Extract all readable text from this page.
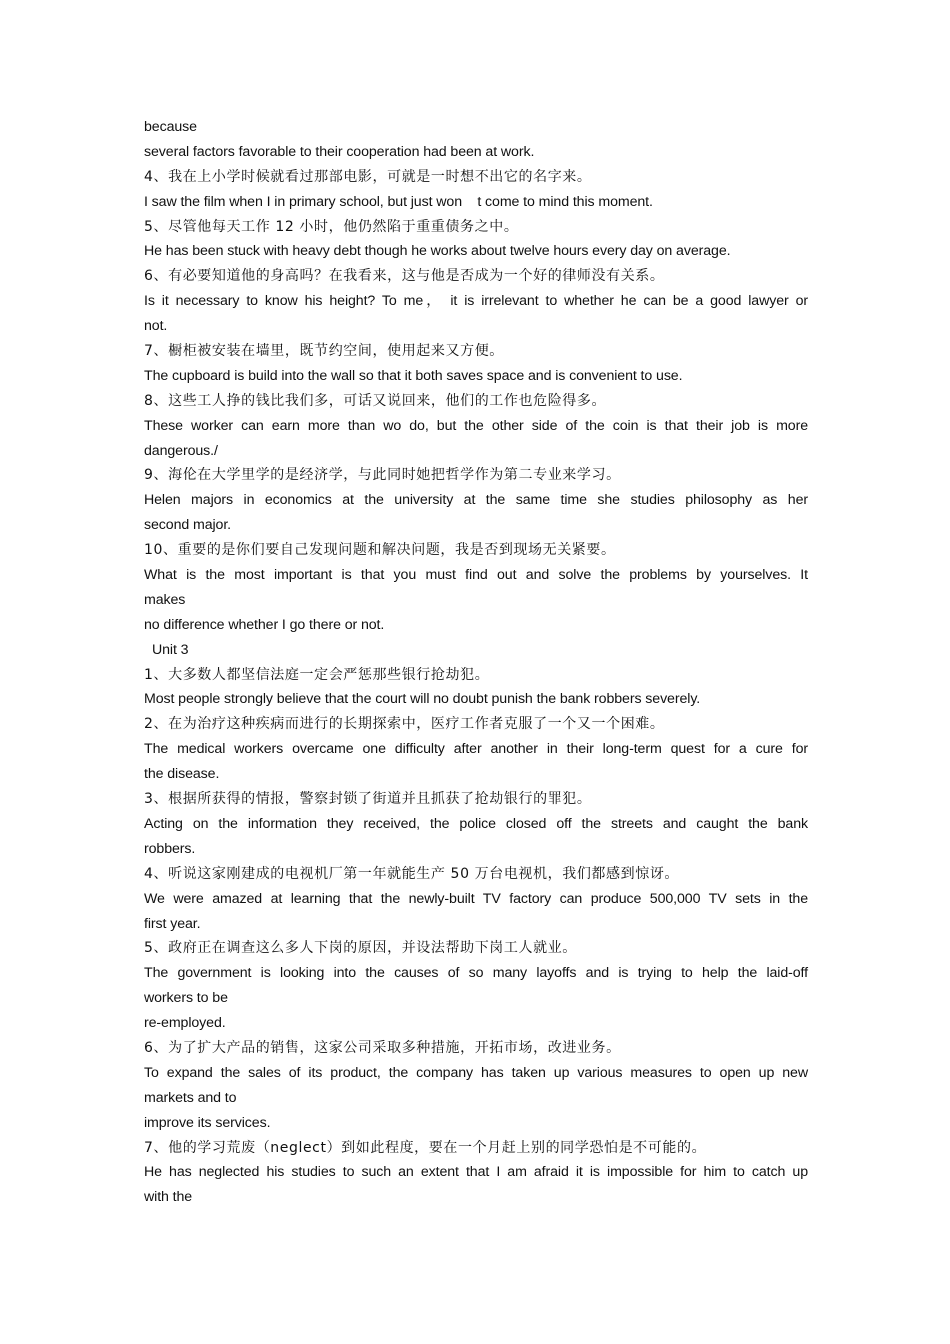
because
several factors favorable to their cooperation had been at work.
4、我在上小学时候就看过那部电影，可就是一时想不出它的名字来。
I saw the film when I in primary school, but just won    t come to mind this moment.
5、尽管他每天工作 12 小时，他仍然陷于重重债务之中。
He has been stuck with heavy debt though he works about twelve hours every day on average.
6、有必要知道他的身高吗？在我看来，这与他是否成为一个好的律师没有关系。
Is it necessary to know his height? To me， it is irrelevant to whether he can be a good lawyer or
not.
7、橱柜被安装在墙里，既节约空间，使用起来又方便。
The cupboard is build into the wall so that it both saves space and is convenient to use.
8、这些工人挣的钱比我们多，可话又说回来，他们的工作也危险得多。
These worker can earn more than wo do, but the other side of the coin is that their job is more
dangerous./
9、海伦在大学里学的是经济学，与此同时她把哲学作为第二专业来学习。
Helen majors in economics at the university at the same time she studies philosophy as her
second major.
10、重要的是你们要自己发现问题和解决问题，我是否到现场无关紧要。
What is the most important is that you must find out and solve the problems by yourselves. It
makes
no difference whether I go there or not.
Unit 3
1、大多数人都坚信法庭一定会严惩那些银行抢劫犯。
Most people strongly believe that the court will no doubt punish the bank robbers severely.
2、在为治疗这种疾病而进行的长期探索中，医疗工作者克服了一个又一个困难。
The medical workers overcame one difficulty after another in their long-term quest for a cure for
the disease.
3、根据所获得的情报，警察封锁了街道并且抓获了抢劫银行的罪犯。
Acting on the information they received, the police closed off the streets and caught the bank
robbers.
4、听说这家刚建成的电视机厂第一年就能生产 50 万台电视机，我们都感到惊讶。
We were amazed at learning that the newly-built TV factory can produce 500,000 TV sets in the
first year.
5、政府正在调查这么多人下岗的原因，并设法帮助下岗工人就业。
The government is looking into the causes of so many layoffs and is trying to help the laid-off
workers to be
re-employed.
6、为了扩大产品的销售，这家公司采取多种措施，开拓市场，改进业务。
To expand the sales of its product, the company has taken up various measures to open up new
markets and to
improve its services.
7、他的学习荒废（neglect）到如此程度，要在一个月赶上别的同学恐怕是不可能的。
He has neglected his studies to such an extent that I am afraid it is impossible for him to catch up
with the
